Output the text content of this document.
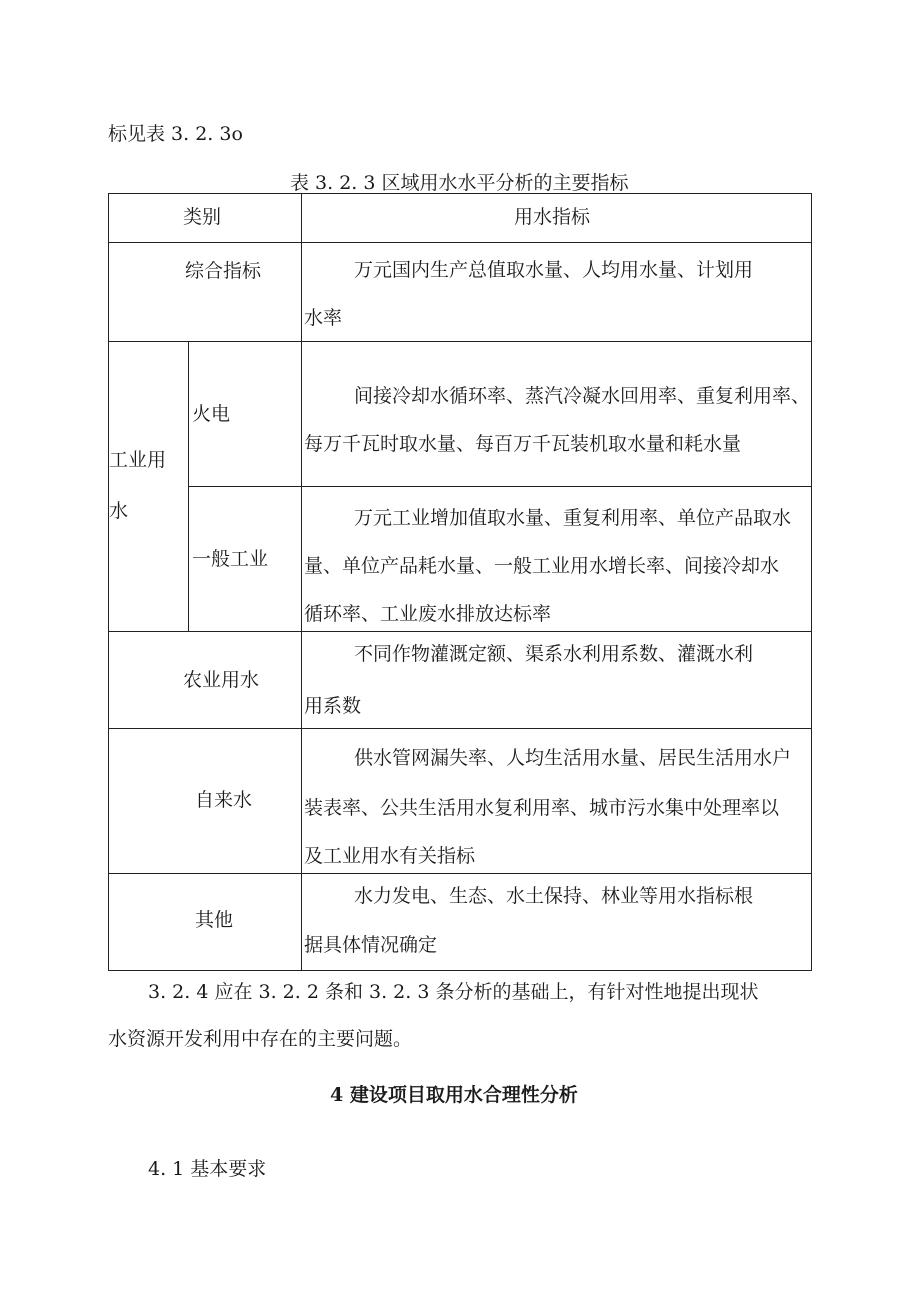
标见表 3. 2. 3o
表 3. 2. 3 区域用水水平分析的主要指标
类别		用水指标

综合指标		万元国内生产总值取水量、人均用水量、计划用
水率

工业用
水	火电	间接冷却水循环率、蒸汽冷凝水回用率、重复利用率、
每万千瓦时取水量、每百万千瓦装机取水量和耗水量

	一般工业	万元工业增加值取水量、重复利用率、单位产品取水
量、单位产品耗水量、一般工业用水增长率、间接冷却水
循环率、工业废水排放达标率

农业用水		不同作物灌溉定额、渠系水利用系数、灌溉水利
用系数

自来水		供水管网漏失率、人均生活用水量、居民生活用水户
装表率、公共生活用水复利用率、城市污水集中处理率以
及工业用水有关指标

其他		水力发电、生态、水土保持、林业等用水指标根
据具体情况确定
3. 2. 4 应在 3. 2. 2 条和 3. 2. 3 条分析的基础上，有针对性地提出现状
水资源开发利用中存在的主要问题。
4 建设项目取用水合理性分析
4. 1 基本要求
